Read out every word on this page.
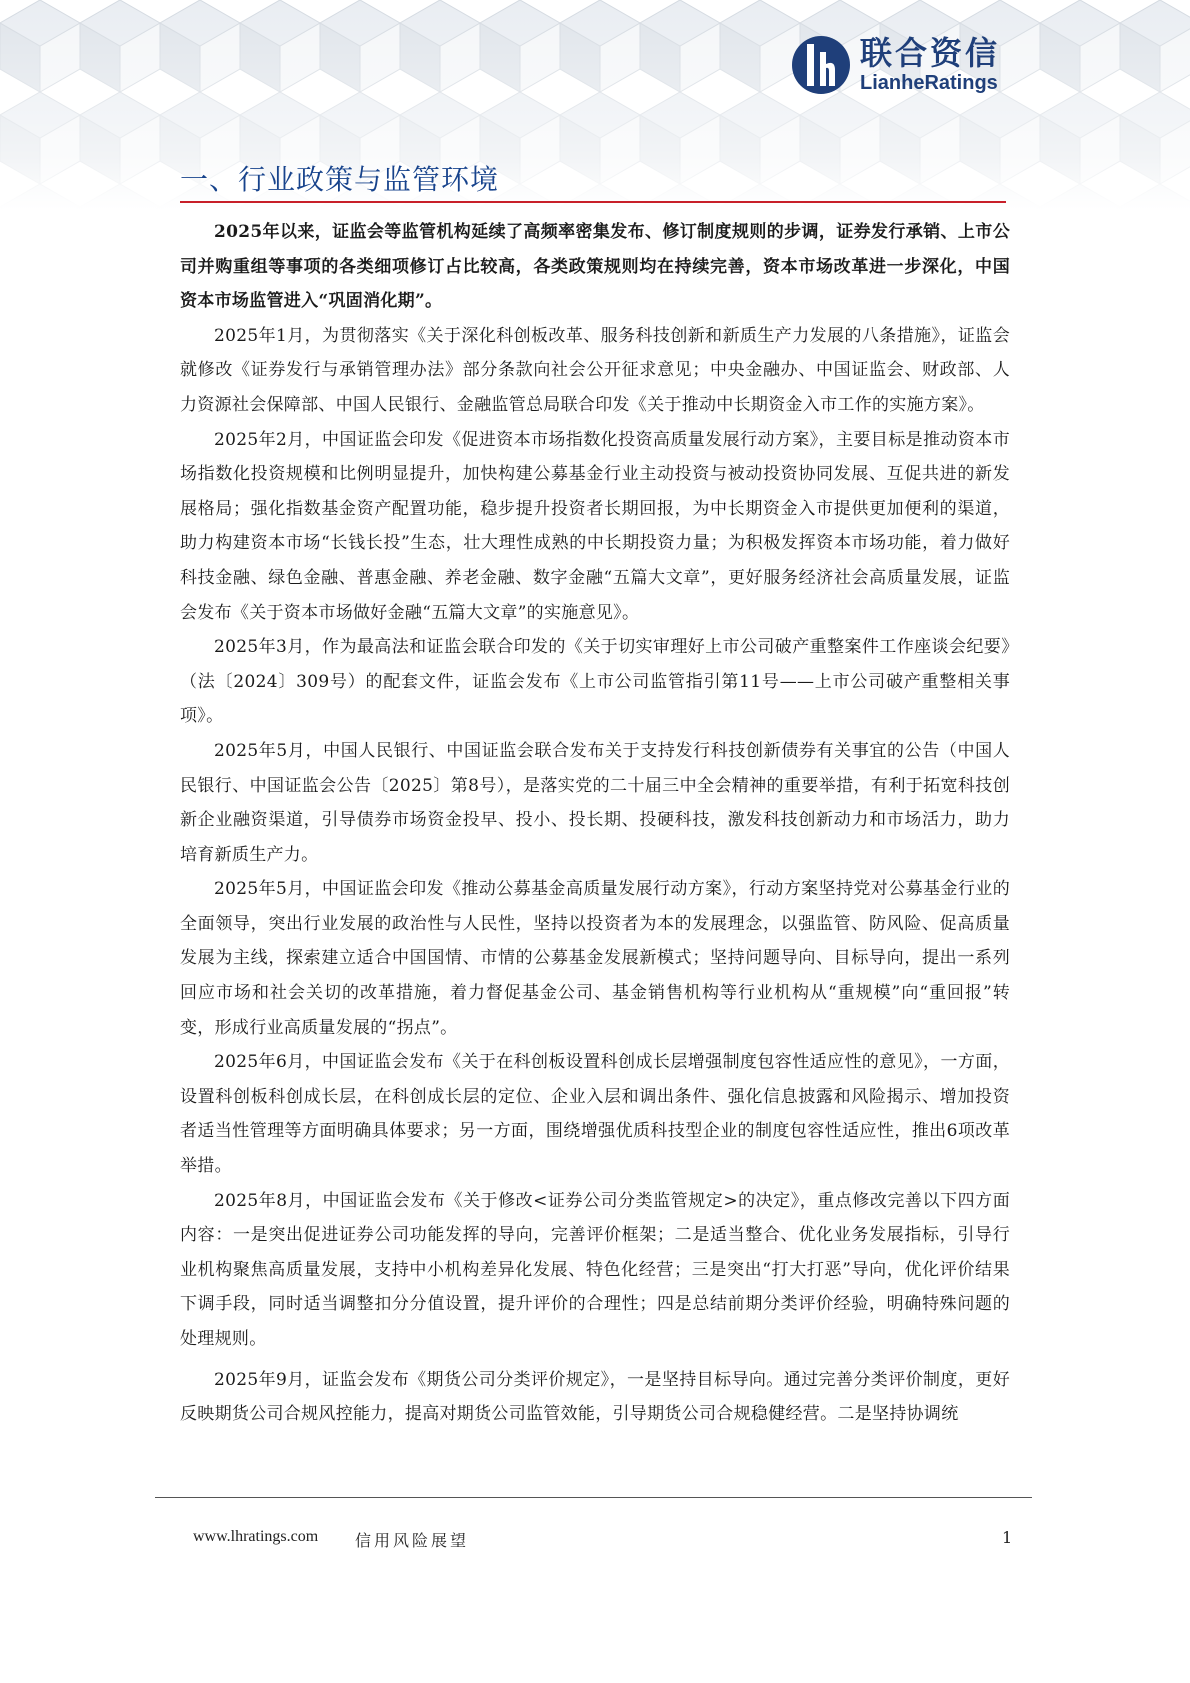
联合资信
LianheRatings
一、行业政策与监管环境

2025年以来，证监会等监管机构延续了高频率密集发布、修订制度规则的步调，证券发行承销、上市公司并购重组等事项的各类细项修订占比较高，各类政策规则均在持续完善，资本市场改革进一步深化，中国资本市场监管进入“巩固消化期”。

2025年1月，为贯彻落实《关于深化科创板改革、服务科技创新和新质生产力发展的八条措施》，证监会就修改《证券发行与承销管理办法》部分条款向社会公开征求意见；中央金融办、中国证监会、财政部、人力资源社会保障部、中国人民银行、金融监管总局联合印发《关于推动中长期资金入市工作的实施方案》。

2025年2月，中国证监会印发《促进资本市场指数化投资高质量发展行动方案》，主要目标是推动资本市场指数化投资规模和比例明显提升，加快构建公募基金行业主动投资与被动投资协同发展、互促共进的新发展格局；强化指数基金资产配置功能，稳步提升投资者长期回报，为中长期资金入市提供更加便利的渠道，助力构建资本市场“长钱长投”生态，壮大理性成熟的中长期投资力量；为积极发挥资本市场功能，着力做好科技金融、绿色金融、普惠金融、养老金融、数字金融“五篇大文章”，更好服务经济社会高质量发展，证监会发布《关于资本市场做好金融“五篇大文章”的实施意见》。

2025年3月，作为最高法和证监会联合印发的《关于切实审理好上市公司破产重整案件工作座谈会纪要》（法〔2024〕309号）的配套文件，证监会发布《上市公司监管指引第11号——上市公司破产重整相关事项》。

2025年5月，中国人民银行、中国证监会联合发布关于支持发行科技创新债券有关事宜的公告（中国人民银行、中国证监会公告〔2025〕第8号），是落实党的二十届三中全会精神的重要举措，有利于拓宽科技创新企业融资渠道，引导债券市场资金投早、投小、投长期、投硬科技，激发科技创新动力和市场活力，助力培育新质生产力。

2025年5月，中国证监会印发《推动公募基金高质量发展行动方案》，行动方案坚持党对公募基金行业的全面领导，突出行业发展的政治性与人民性，坚持以投资者为本的发展理念，以强监管、防风险、促高质量发展为主线，探索建立适合中国国情、市情的公募基金发展新模式；坚持问题导向、目标导向，提出一系列回应市场和社会关切的改革措施，着力督促基金公司、基金销售机构等行业机构从“重规模”向“重回报”转变，形成行业高质量发展的“拐点”。

2025年6月，中国证监会发布《关于在科创板设置科创成长层增强制度包容性适应性的意见》，一方面，设置科创板科创成长层，在科创成长层的定位、企业入层和调出条件、强化信息披露和风险揭示、增加投资者适当性管理等方面明确具体要求；另一方面，围绕增强优质科技型企业的制度包容性适应性，推出6项改革举措。

2025年8月，中国证监会发布《关于修改<证券公司分类监管规定>的决定》，重点修改完善以下四方面内容：一是突出促进证券公司功能发挥的导向，完善评价框架；二是适当整合、优化业务发展指标，引导行业机构聚焦高质量发展，支持中小机构差异化发展、特色化经营；三是突出“打大打恶”导向，优化评价结果下调手段，同时适当调整扣分分值设置，提升评价的合理性；四是总结前期分类评价经验，明确特殊问题的处理规则。

2025年9月，证监会发布《期货公司分类评价规定》，一是坚持目标导向。通过完善分类评价制度，更好反映期货公司合规风控能力，提高对期货公司监管效能，引导期货公司合规稳健经营。二是坚持协调统

www.lhratings.com 信用风险展望	1
